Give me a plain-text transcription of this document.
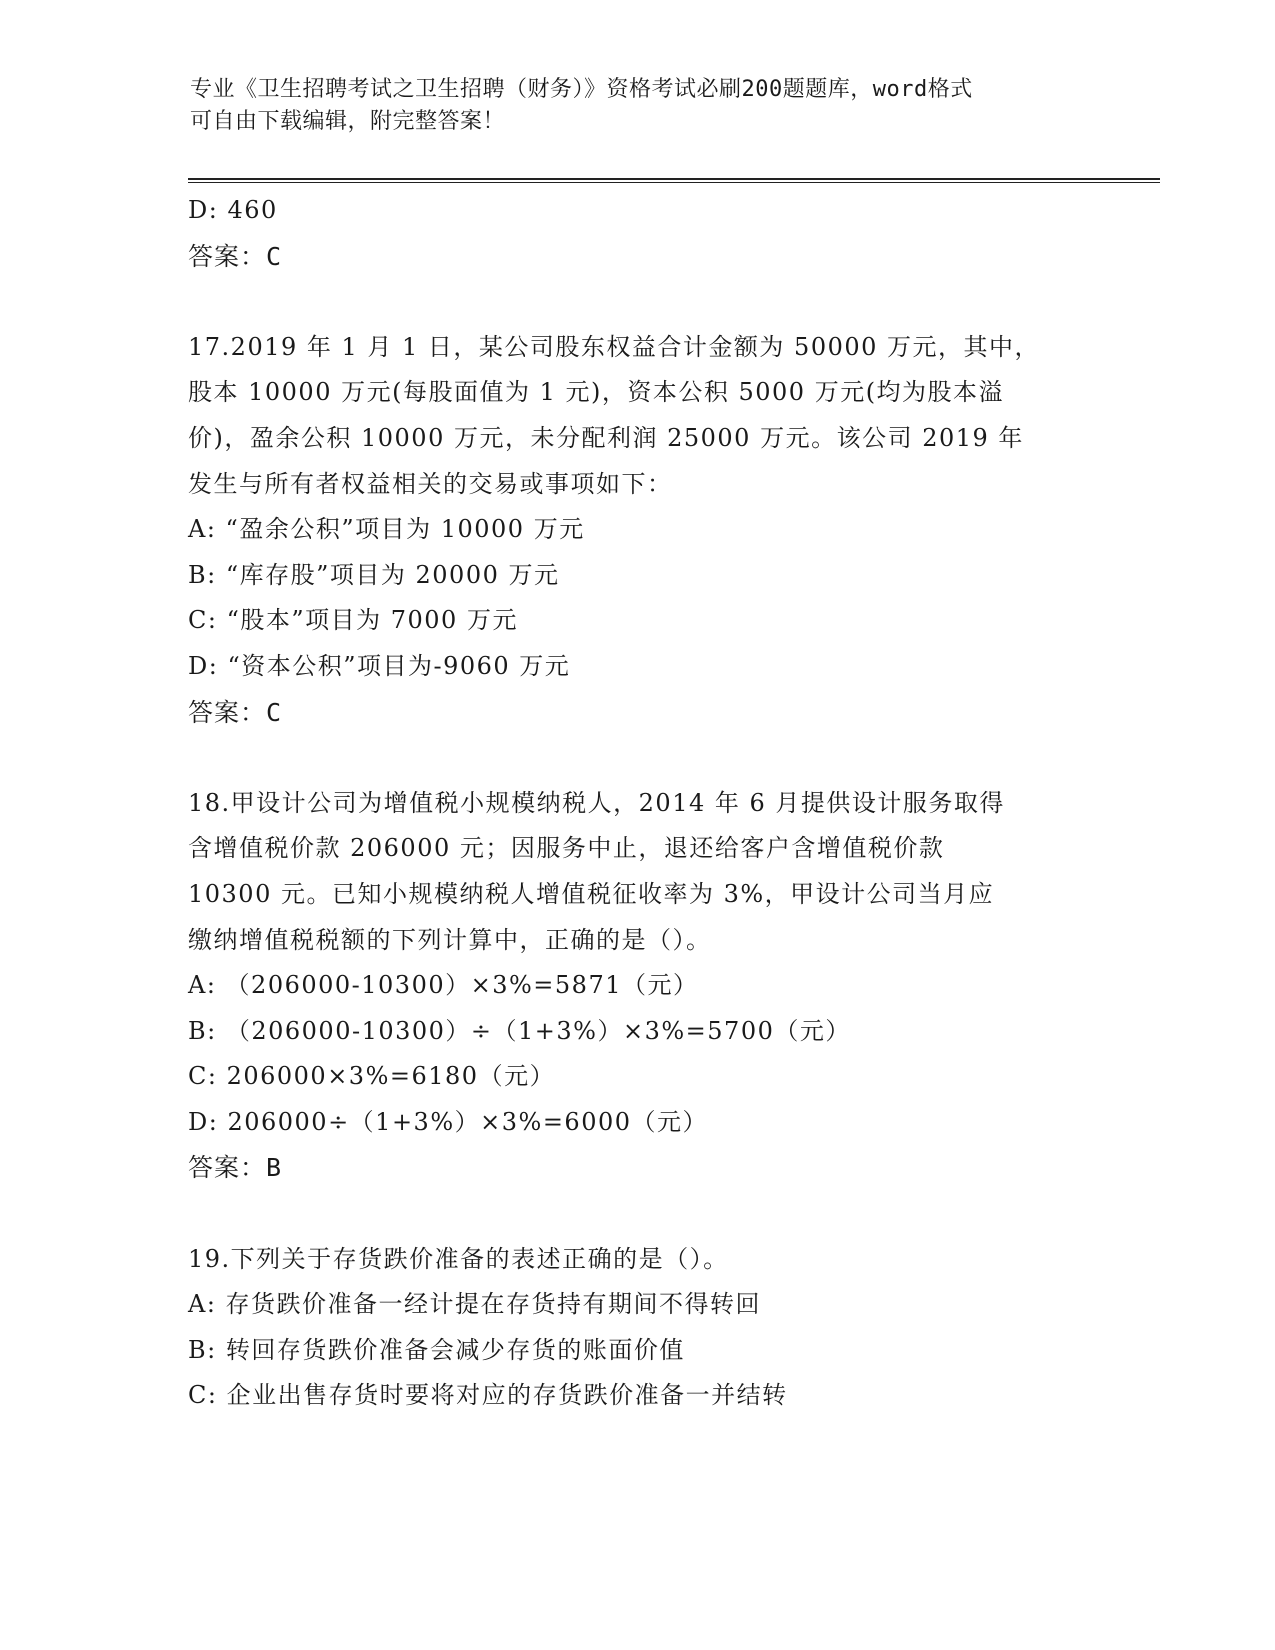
专业《卫生招聘考试之卫生招聘（财务）》资格考试必刷200题题库，word格式
可自由下载编辑，附完整答案！
D: 460
答案：C
17.2019 年 1 月 1 日，某公司股东权益合计金额为 50000 万元，其中，
股本 10000 万元(每股面值为 1 元)，资本公积 5000 万元(均为股本溢
价)，盈余公积 10000 万元，未分配利润 25000 万元。该公司 2019 年
发生与所有者权益相关的交易或事项如下：
A: “盈余公积”项目为 10000 万元
B: “库存股”项目为 20000 万元
C: “股本”项目为 7000 万元
D: “资本公积”项目为-9060 万元
答案：C
18.甲设计公司为增值税小规模纳税人，2014 年 6 月提供设计服务取得
含增值税价款 206000 元；因服务中止，退还给客户含增值税价款
10300 元。已知小规模纳税人增值税征收率为 3%，甲设计公司当月应
缴纳增值税税额的下列计算中，正确的是（）。
A: （206000-10300）×3%=5871（元）
B: （206000-10300）÷（1+3%）×3%=5700（元）
C: 206000×3%=6180（元）
D: 206000÷（1+3%）×3%=6000（元）
答案：B
19.下列关于存货跌价准备的表述正确的是（）。
A: 存货跌价准备一经计提在存货持有期间不得转回
B: 转回存货跌价准备会减少存货的账面价值
C: 企业出售存货时要将对应的存货跌价准备一并结转
